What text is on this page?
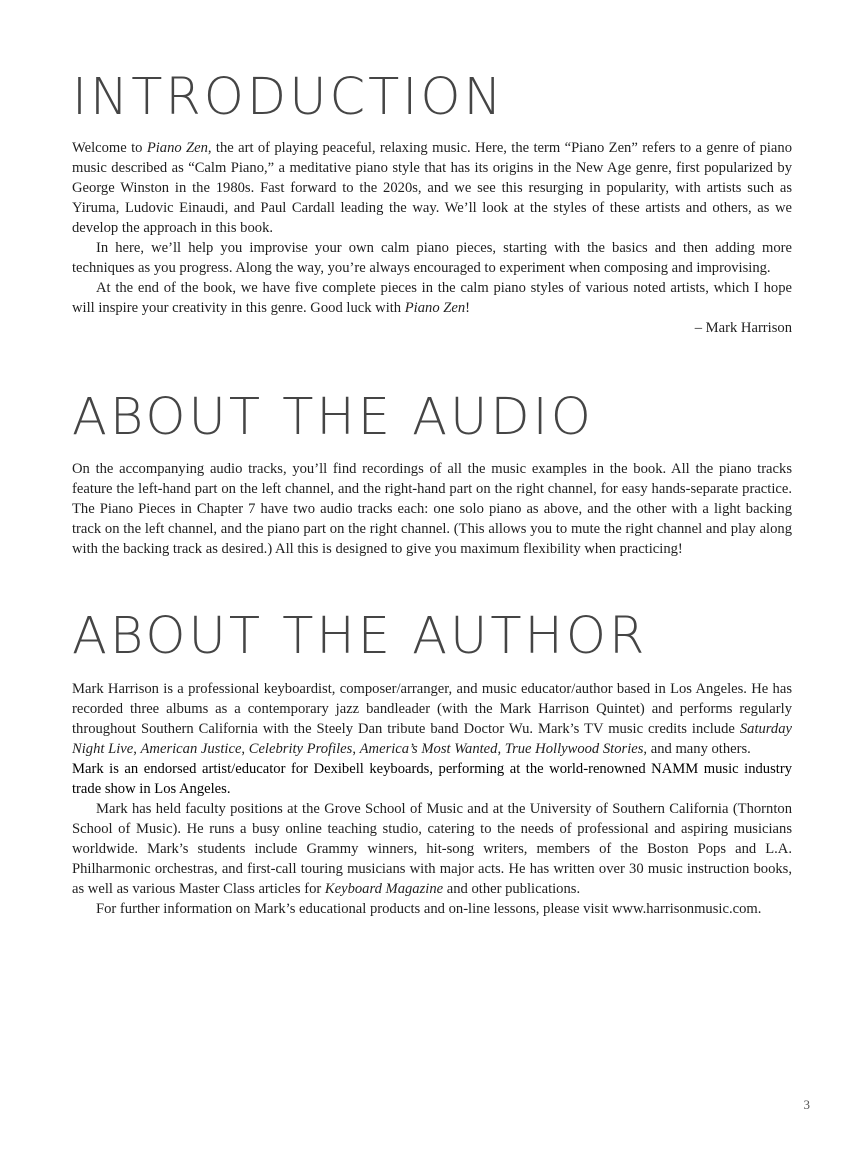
INTRODUCTION

Welcome to Piano Zen, the art of playing peaceful, relaxing music. Here, the term “Piano Zen” refers to a genre of piano music described as “Calm Piano,” a meditative piano style that has its origins in the New Age genre, first popularized by George Winston in the 1980s. Fast forward to the 2020s, and we see this resurging in popularity, with artists such as Yiruma, Ludovic Einaudi, and Paul Cardall leading the way. We’ll look at the styles of these artists and others, as we develop the approach in this book.

In here, we’ll help you improvise your own calm piano pieces, starting with the basics and then adding more techniques as you progress. Along the way, you’re always encouraged to experiment when composing and improvising.

At the end of the book, we have five complete pieces in the calm piano styles of various noted artists, which I hope will inspire your creativity in this genre. Good luck with Piano Zen!

– Mark Harrison

ABOUT THE AUDIO

On the accompanying audio tracks, you’ll find recordings of all the music examples in the book. All the piano tracks feature the left-hand part on the left channel, and the right-hand part on the right channel, for easy hands-separate practice. The Piano Pieces in Chapter 7 have two audio tracks each: one solo piano as above, and the other with a light backing track on the left channel, and the piano part on the right channel. (This allows you to mute the right channel and play along with the backing track as desired.) All this is designed to give you maximum flexibility when practicing!

ABOUT THE AUTHOR

Mark Harrison is a professional keyboardist, composer/arranger, and music educator/author based in Los Angeles. He has recorded three albums as a contemporary jazz bandleader (with the Mark Harrison Quintet) and performs regularly throughout Southern California with the Steely Dan tribute band Doctor Wu. Mark’s TV music credits include Saturday Night Live, American Justice, Celebrity Profiles, America’s Most Wanted, True Hollywood Stories, and many others.

Mark is an endorsed artist/educator for Dexibell keyboards, performing at the world-renowned NAMM music industry trade show in Los Angeles.

Mark has held faculty positions at the Grove School of Music and at the University of Southern California (Thornton School of Music). He runs a busy online teaching studio, catering to the needs of professional and aspiring musicians worldwide. Mark’s students include Grammy winners, hit-song writers, members of the Boston Pops and L.A. Philharmonic orchestras, and first-call touring musicians with major acts. He has written over 30 music instruction books, as well as various Master Class articles for Keyboard Magazine and other publications.

For further information on Mark’s educational products and on-line lessons, please visit www.harrisonmusic.com.

3
